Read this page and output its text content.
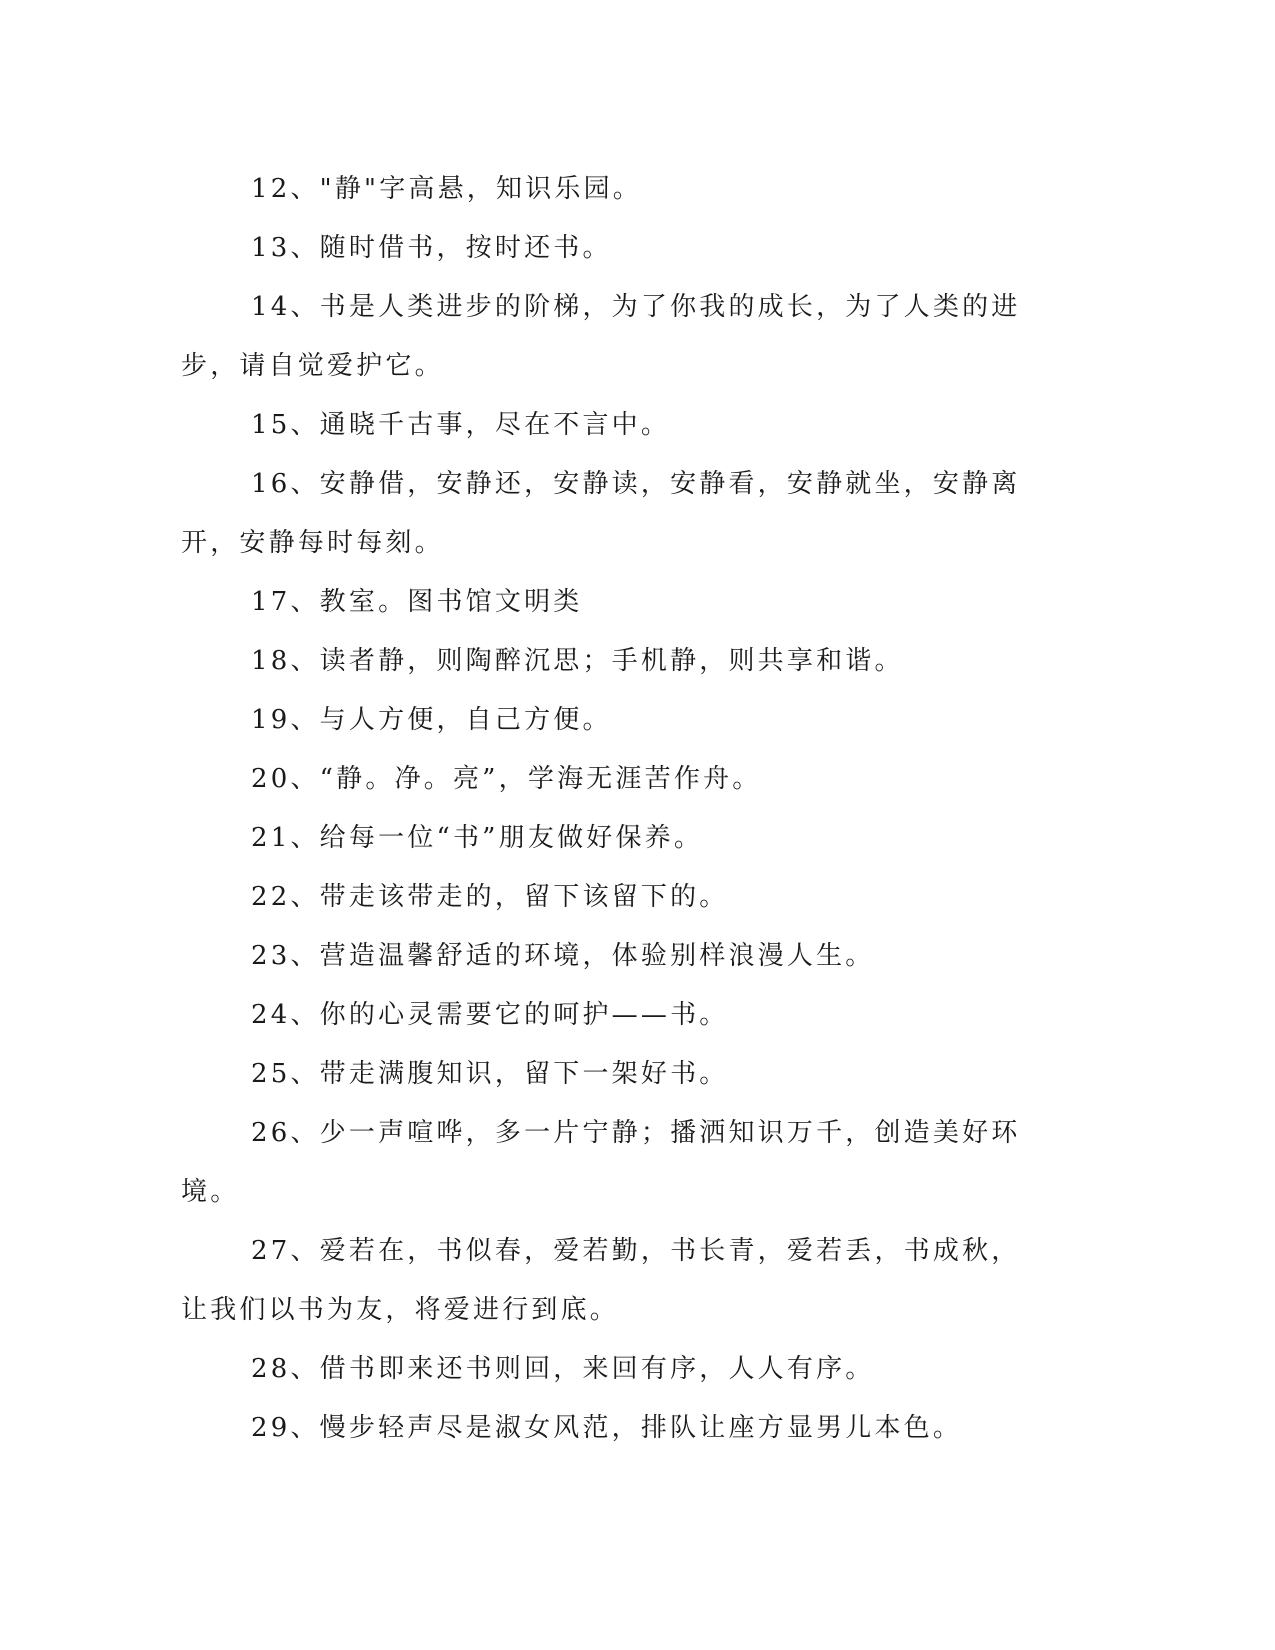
12、"静"字高悬，知识乐园。

13、随时借书，按时还书。

14、书是人类进步的阶梯，为了你我的成长，为了人类的进步，请自觉爱护它。

15、通晓千古事，尽在不言中。

16、安静借，安静还，安静读，安静看，安静就坐，安静离开，安静每时每刻。

17、教室。图书馆文明类

18、读者静，则陶醉沉思；手机静，则共享和谐。

19、与人方便，自己方便。

20、“静。净。亮”，学海无涯苦作舟。

21、给每一位“书”朋友做好保养。

22、带走该带走的，留下该留下的。

23、营造温馨舒适的环境，体验别样浪漫人生。

24、你的心灵需要它的呵护——书。

25、带走满腹知识，留下一架好书。

26、少一声喧哗，多一片宁静；播洒知识万千，创造美好环境。

27、爱若在，书似春，爱若勤，书长青，爱若丢，书成秋，让我们以书为友，将爱进行到底。

28、借书即来还书则回，来回有序，人人有序。

29、慢步轻声尽是淑女风范，排队让座方显男儿本色。
